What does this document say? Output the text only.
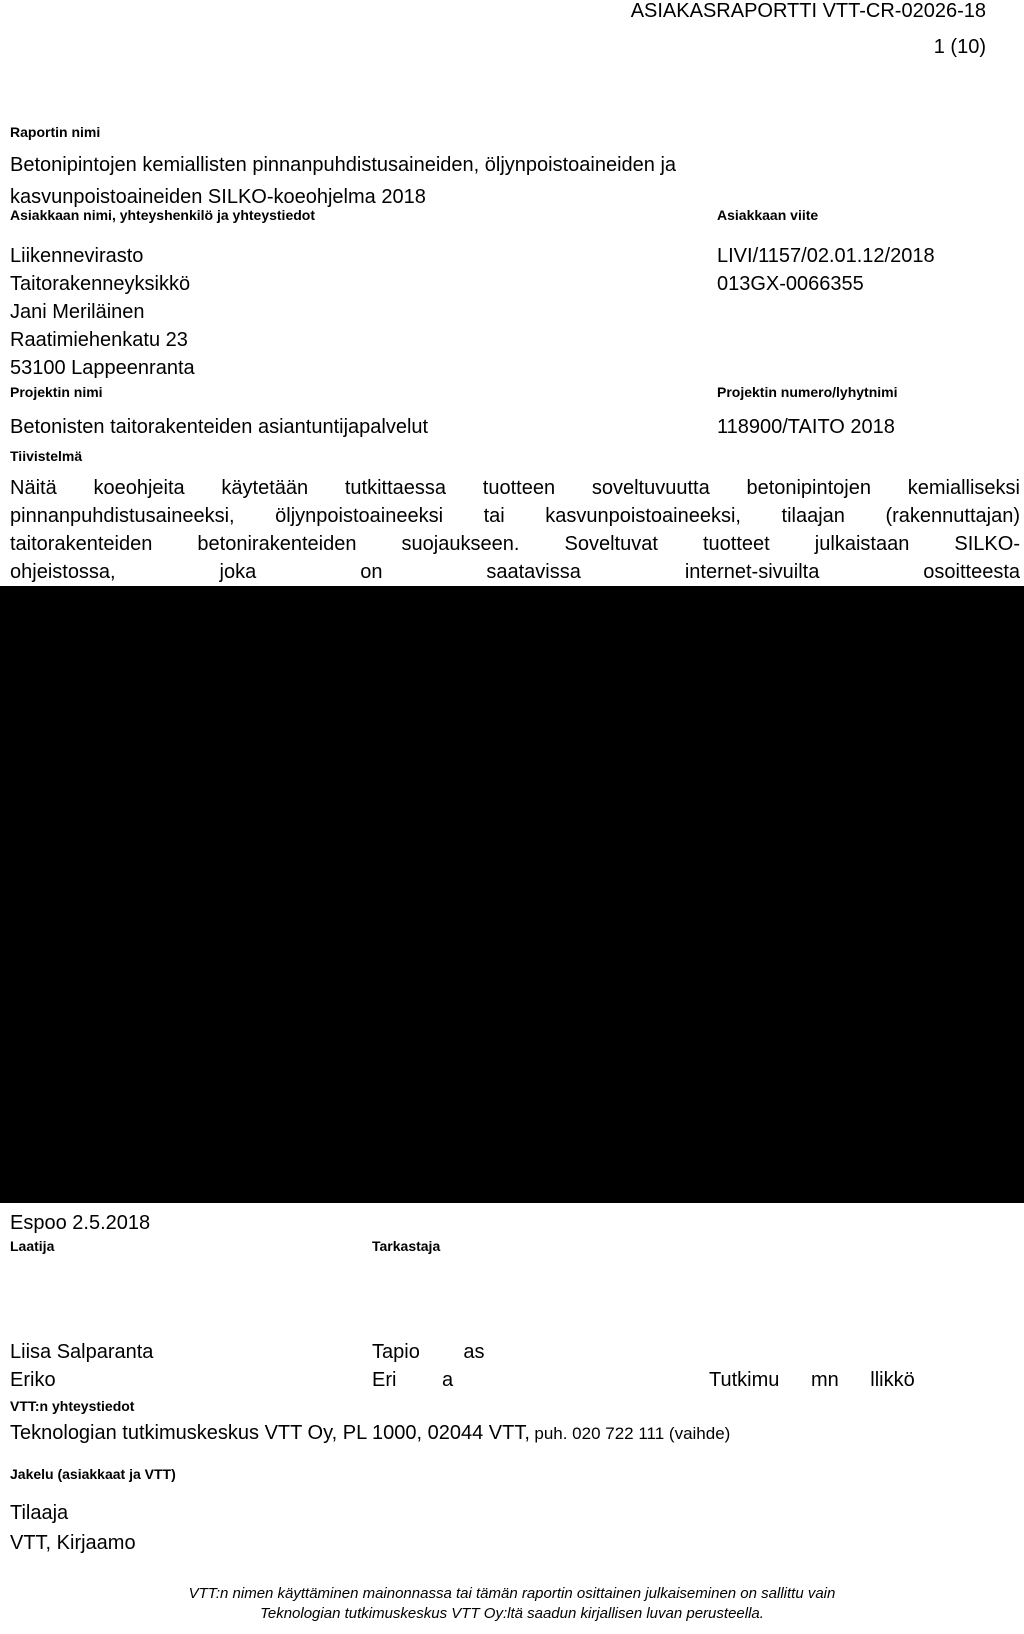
ASIAKASRAPORTTI VTT-CR-02026-18
1 (10)
Raportin nimi
Betonipintojen kemiallisten pinnanpuhdistusaineiden, öljynpoistoaineiden ja
kasvunpoistoaineiden SILKO-koeohjelma 2018
Asiakkaan nimi, yhteyshenkilö ja yhteystiedot
Liikennevirasto
Taitorakenneyksikkö
Jani Meriläinen
Raatimiehenkatu 23
53100 Lappeenranta
Asiakkaan viite
LIVI/1157/02.01.12/2018
013GX-0066355
Projektin nimi
Betonisten taitorakenteiden asiantuntijapalvelut
Projektin numero/lyhytnimi
118900/TAITO 2018
Tiivistelmä
Näitä koeohjeita käytetään tutkittaessa tuotteen soveltuvuutta betonipintojen kemialliseksi
pinnanpuhdistusaineeksi, öljynpoistoaineeksi tai kasvunpoistoaineeksi, tilaajan (rakennuttajan)
taitorakenteiden betonirakenteiden suojaukseen. Soveltuvat tuotteet julkaistaan SILKO-
ohjeistossa, joka on saatavissa internet-sivuilta osoitteesta
Espoo 2.5.2018
Laatija	Tarkastaja
Liisa Salparanta
Eriko
Tapio as
Eri a	Tutkimu mn llikkö
VTT:n yhteystiedot
Teknologian tutkimuskeskus VTT Oy, PL 1000, 02044 VTT, puh. 020 722 111 (vaihde)
Jakelu (asiakkaat ja VTT)
Tilaaja
VTT, Kirjaamo
VTT:n nimen käyttäminen mainonnassa tai tämän raportin osittainen julkaiseminen on sallittu vain
Teknologian tutkimuskeskus VTT Oy:ltä saadun kirjallisen luvan perusteella.
